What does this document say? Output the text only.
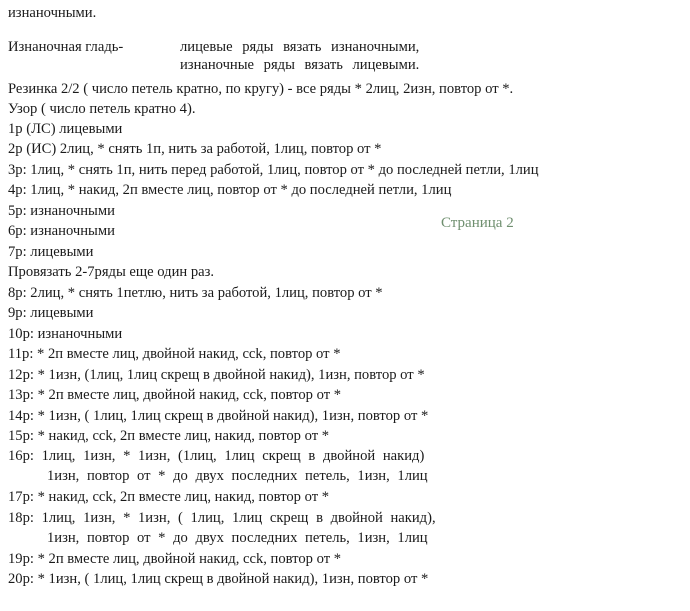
изнаночными.
Изнаночная гладь-	лицевые ряды вязать изнаночными,
изнаночные ряды вязать лицевыми.
Резинка 2/2 ( число петель кратно, по кругу) - все ряды * 2лиц, 2изн, повтор от *.
Узор ( число петель кратно 4).
1р (ЛС) лицевыми
2р (ИС) 2лиц, * снять 1п, нить за работой, 1лиц, повтор от *
3р: 1лиц, * снять 1п, нить перед работой, 1лиц, повтор от * до последней петли, 1лиц
4р: 1лиц, * накид, 2п вместе лиц, повтор от * до последней петли, 1лиц
5р: изнаночными
6р: изнаночными
7р: лицевыми
Провязать 2-7ряды еще один раз.
8р: 2лиц, * снять 1петлю, нить за работой, 1лиц, повтор от *
9р: лицевыми
10р: изнаночными
11р: * 2п вместе лиц, двойной накид, ссk, повтор от *
12р: * 1изн, (1лиц, 1лиц скрещ в двойной накид), 1изн, повтор от *
13р: * 2п вместе лиц, двойной накид, ссk, повтор от *
14р: * 1изн, ( 1лиц, 1лиц скрещ в двойной накид), 1изн, повтор от *
15р: * накид, ссk, 2п вместе лиц, накид, повтор от *
16р: 1лиц, 1изн, * 1изн, (1лиц, 1лиц скрещ в двойной накид)
1изн, повтор от * до двух последних петель, 1изн, 1лиц
17р: * накид, ссk, 2п вместе лиц, накид, повтор от *
18р: 1лиц, 1изн, * 1изн, ( 1лиц, 1лиц скрещ в двойной накид),
1изн, повтор от * до двух последних петель, 1изн, 1лиц
19р: * 2п вместе лиц, двойной накид, ссk, повтор от *
20р: * 1изн, ( 1лиц, 1лиц скрещ в двойной накид), 1изн, повтор от *
Страница 2
